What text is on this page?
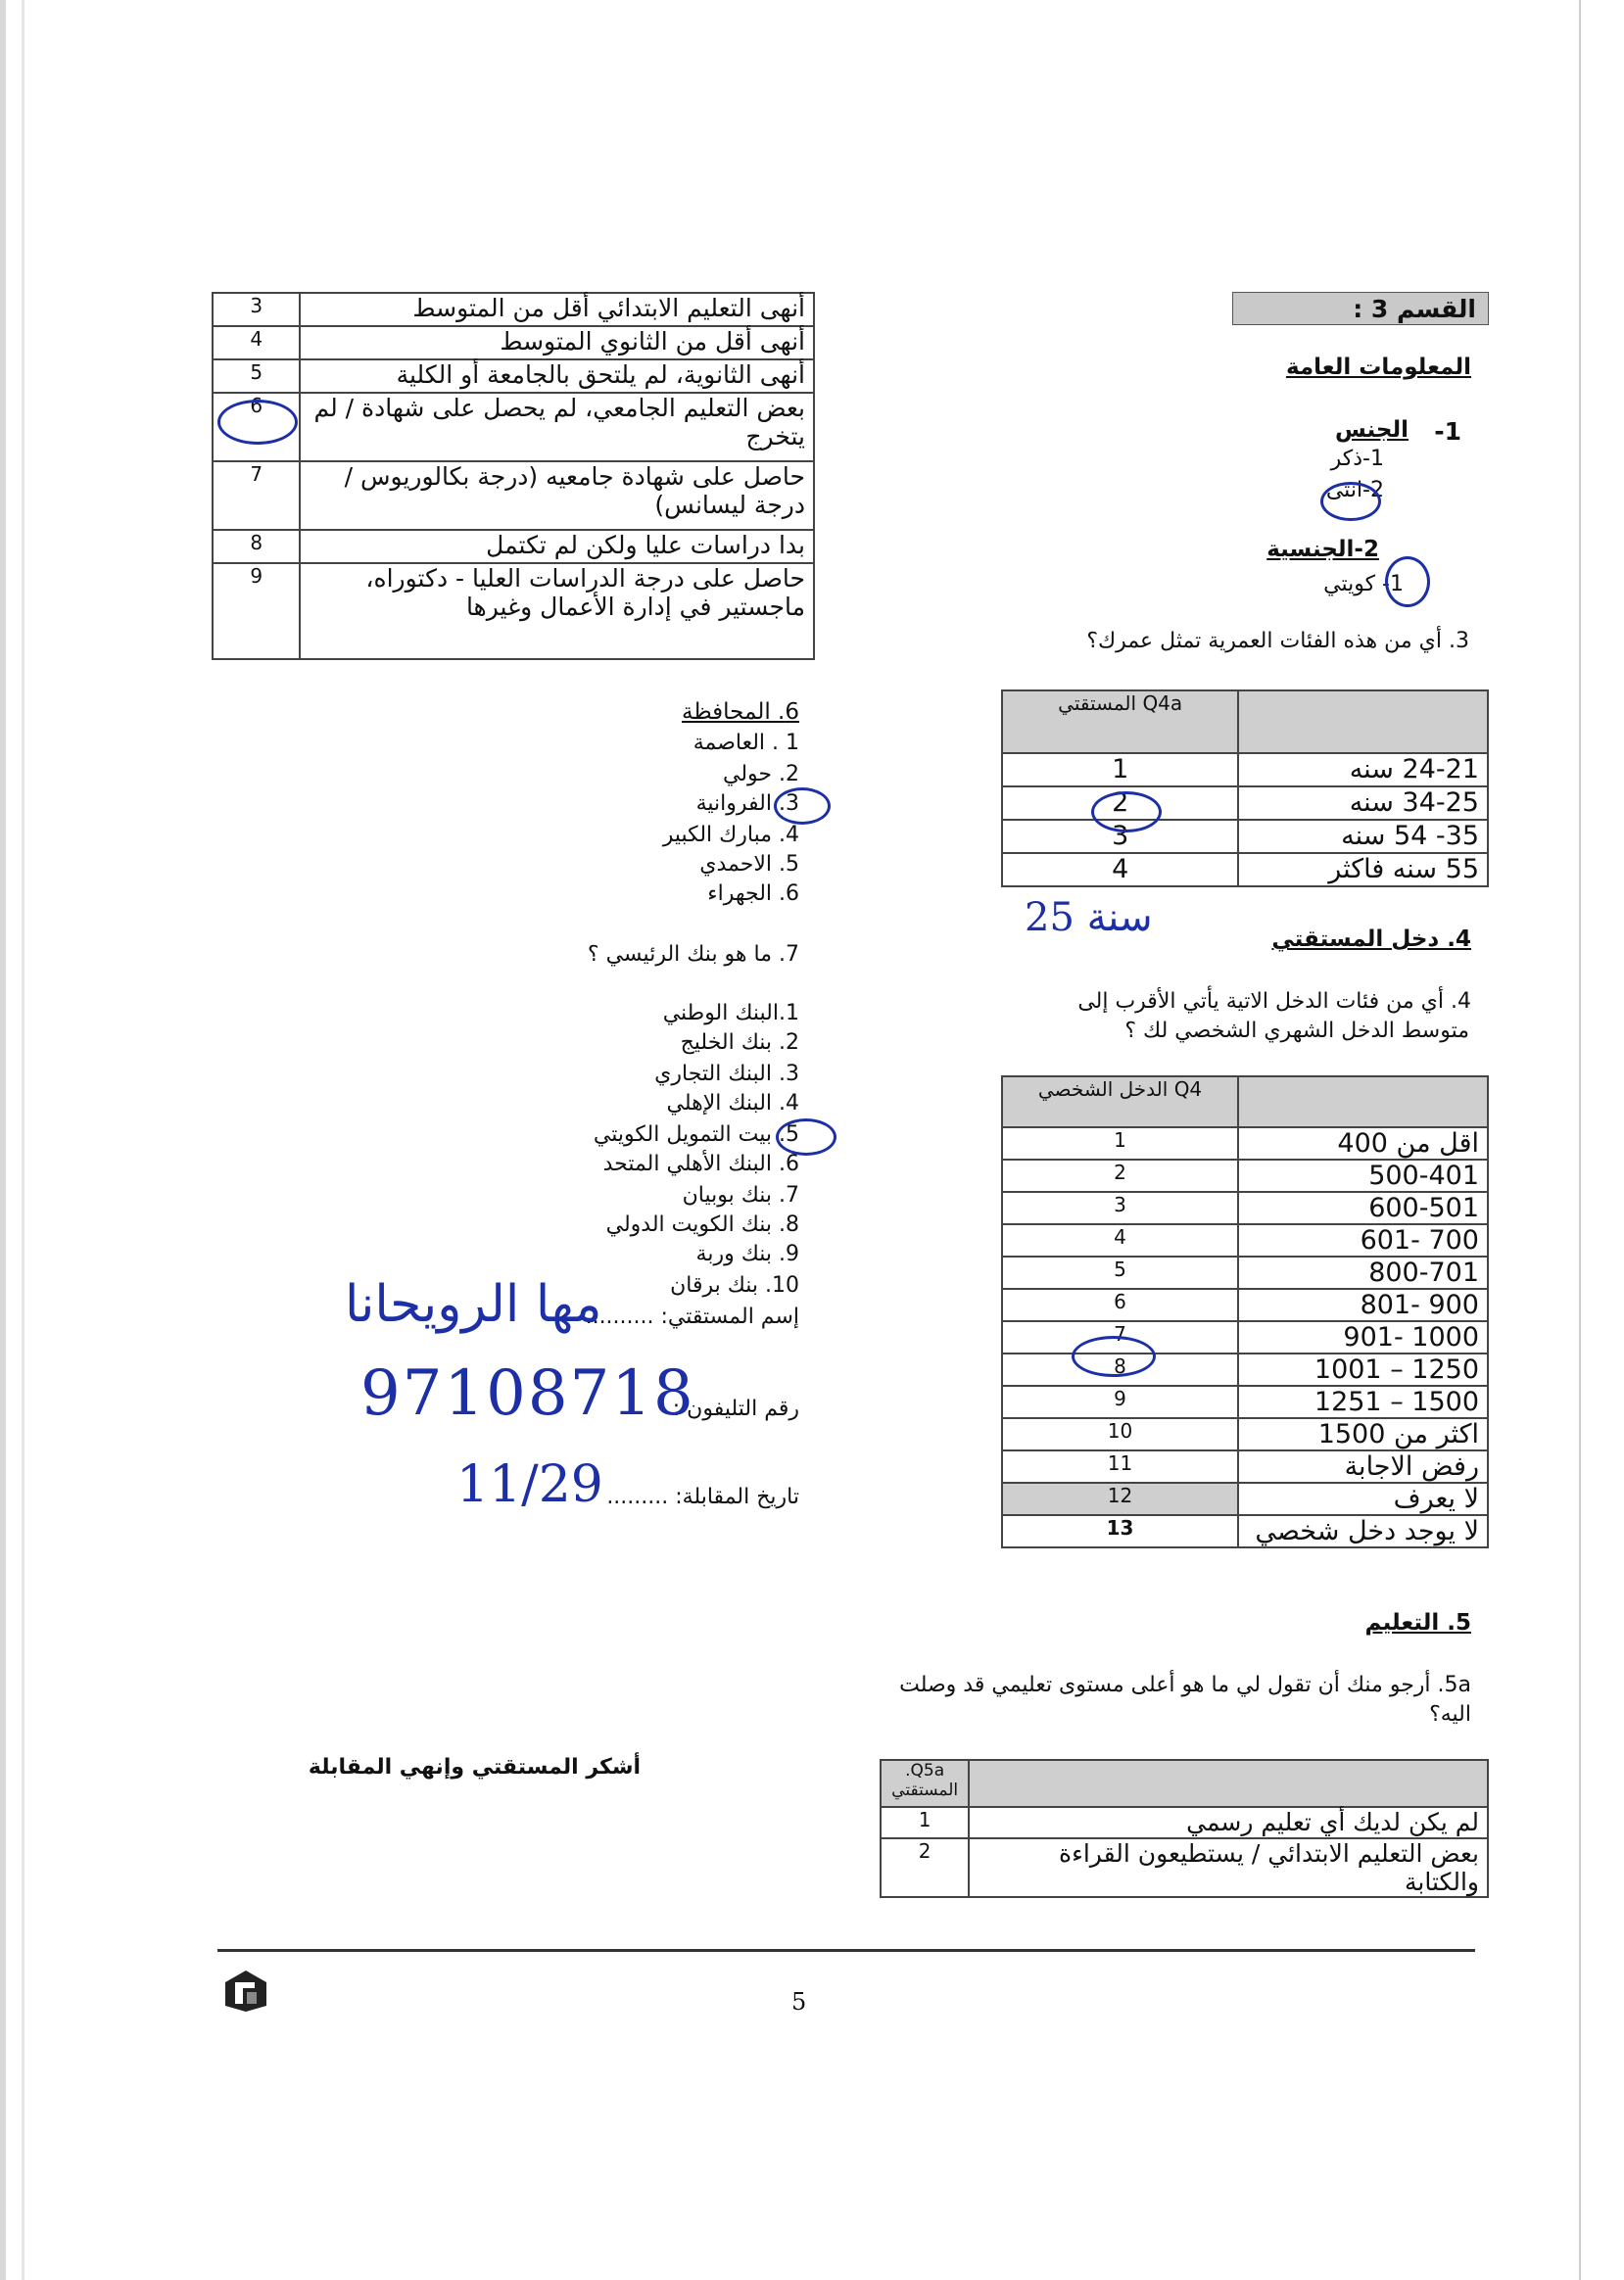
القسم 3 :
المعلومات العامة
1-
الجنس
1-ذكر
2-انثى
2-الجنسية
1- كويتي
3. أي من هذه الفئات العمرية تمثل عمرك؟
	Q4a المستقتي
24-21 سنه	1
34-25 سنه	2
35- 54 سنه	3
55 سنه فاكثر	4
25 سنة	4. دخل المستقتي
4. أي من فئات الدخل الاتية يأتي الأقرب إلى
متوسط الدخل الشهري الشخصي لك ؟
	Q4 الدخل الشخصي
اقل من 400	1
500-401	2
600-501	3
700 -601	4
800-701	5
900 -801	6
1000 -901	7
1250 – 1001	8
1500 – 1251	9
اكثر من 1500	10
رفض الاجابة	11
لا يعرف	12
لا يوجد دخل شخصي	13
5. التعليم
5a. أرجو منك أن تقول لي ما هو أعلى مستوى تعليمي قد وصلت
اليه؟
	Q5a. المستقتي
لم يكن لديك أي تعليم رسمي	1
بعض التعليم الابتدائي / يستطيعون القراءة والكتابة	2
أنهى التعليم الابتدائي أقل من المتوسط	3
أنهى أقل من الثانوي المتوسط	4
أنهى الثانوية، لم يلتحق بالجامعة أو الكلية	5
بعض التعليم الجامعي، لم يحصل على شهادة / لم يتخرج	6
حاصل على شهادة جامعيه (درجة بكالوريوس / درجة ليسانس)	7
بدا دراسات عليا ولكن لم تكتمل	8
حاصل على درجة الدراسات العليا - دكتوراه، ماجستير في إدارة الأعمال وغيرها	9
6. المحافظة
1 . العاصمة
2. حولي
3. الفروانية
4. مبارك الكبير
5. الاحمدي
6. الجهراء
7. ما هو بنك الرئيسي ؟
1.البنك الوطني
2. بنك الخليج
3. البنك التجاري
4. البنك الإهلي
5. بيت التمويل الكويتي
6. البنك الأهلي المتحد
7. بنك بوبيان
8. بنك الكويت الدولي
9. بنك وربة
10. بنك برقان
إسم المستقتي: ..........
مها الرويحانا
رقم التليفون :
97108718
تاريخ المقابلة: .........
11/29
أشكر المستقتي وإنهي المقابلة
5
